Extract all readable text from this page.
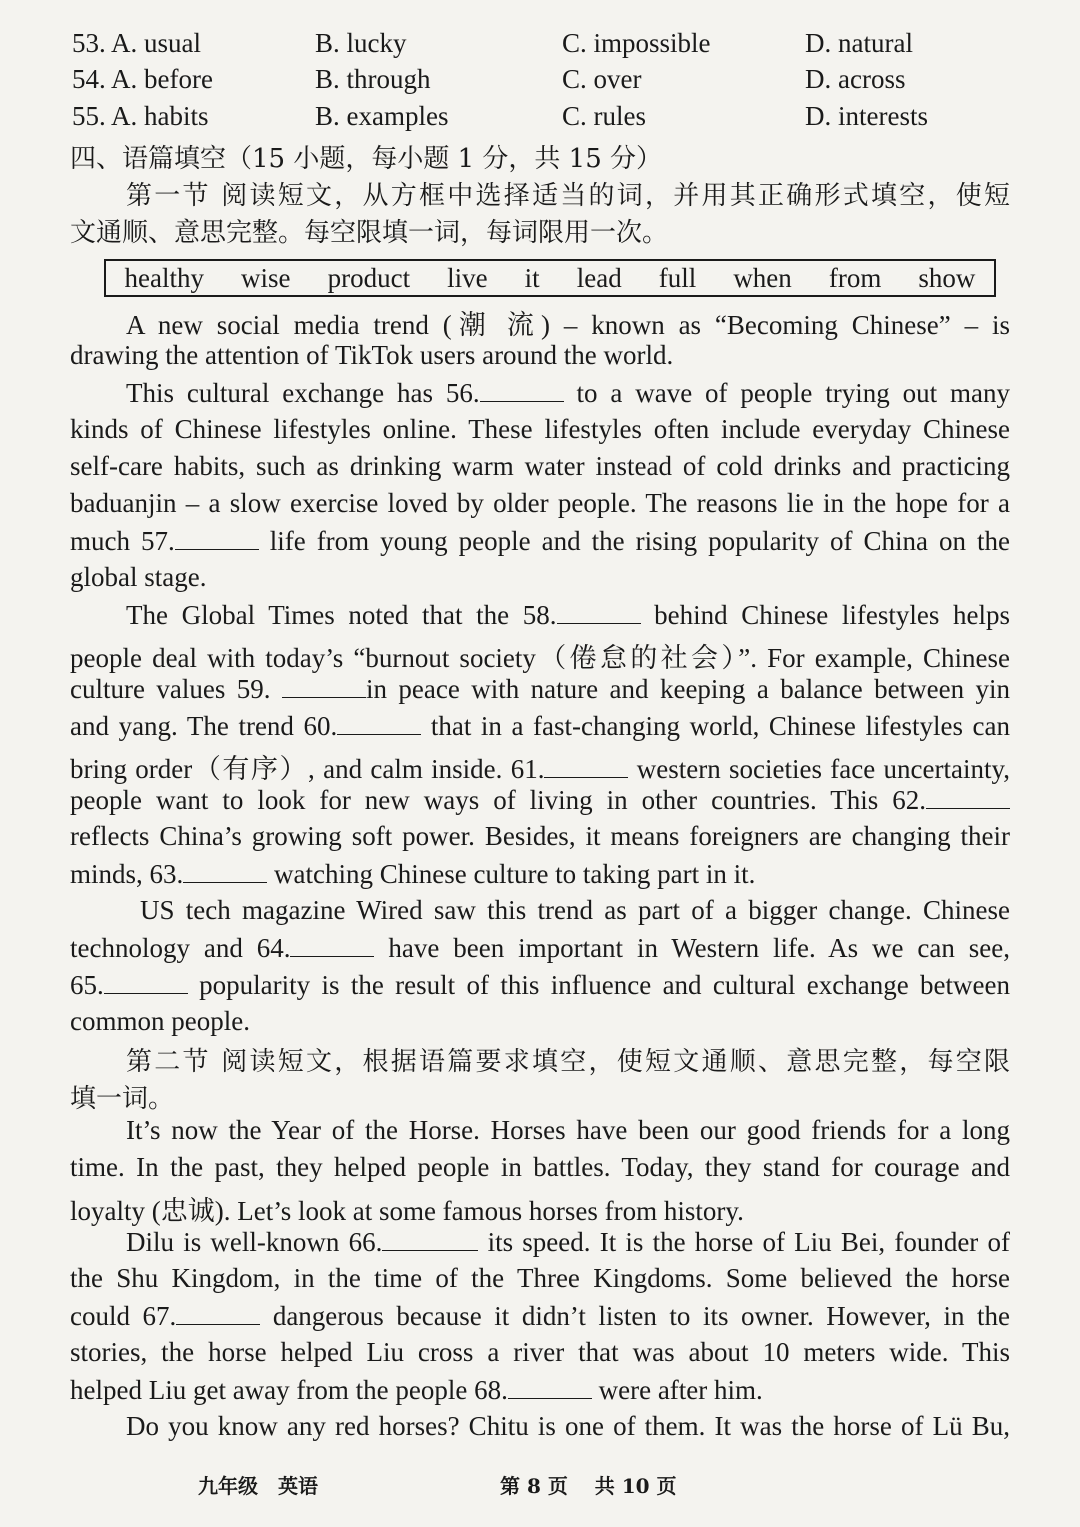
53. A. usual	B. lucky	C. impossible	D. natural
54. A. before	B. through	C. over	D. across
55. A. habits	B. examples	C. rules	D. interests
四、语篇填空（15 小题，每小题 1 分，共 15 分）
第一节 阅读短文，从方框中选择适当的词，并用其正确形式填空，使短
文通顺、意思完整。每空限填一词，每词限用一次。
healthy wise product live it lead full when from show
A new social media trend (潮 流) – known as “Becoming Chinese” – is
drawing the attention of TikTok users around the world.
This cultural exchange has 56.	to a wave of people trying out many
kinds of Chinese lifestyles online. These lifestyles often include everyday Chinese
self-care habits, such as drinking warm water instead of cold drinks and practicing
baduanjin – a slow exercise loved by older people. The reasons lie in the hope for a
much 57.	life from young people and the rising popularity of China on the
global stage.
The Global Times noted that the 58.	behind Chinese lifestyles helps
people deal with today’s “burnout society（倦怠的社会）”. For example, Chinese
culture values 59.	in peace with nature and keeping a balance between yin
and yang. The trend 60.	that in a fast-changing world, Chinese lifestyles can
bring order（有序）, and calm inside. 61.	western societies face uncertainty,
people want to look for new ways of living in other countries. This 62.
reflects China’s growing soft power. Besides, it means foreigners are changing their
minds, 63.	watching Chinese culture to taking part in it.
US tech magazine Wired saw this trend as part of a bigger change. Chinese
technology and 64.	have been important in Western life. As we can see,
65.	popularity is the result of this influence and cultural exchange between
common people.
第二节 阅读短文，根据语篇要求填空，使短文通顺、意思完整，每空限
填一词。
It’s now the Year of the Horse. Horses have been our good friends for a long
time. In the past, they helped people in battles. Today, they stand for courage and
loyalty (忠诚). Let’s look at some famous horses from history.
Dilu is well-known 66.	its speed. It is the horse of Liu Bei, founder of
the Shu Kingdom, in the time of the Three Kingdoms. Some believed the horse
could 67.	dangerous because it didn’t listen to its owner. However, in the
stories, the horse helped Liu cross a river that was about 10 meters wide. This
helped Liu get away from the people 68.	were after him.
Do you know any red horses? Chitu is one of them. It was the horse of Lü Bu,
九年级　英语	第 8 页　 共 10 页
